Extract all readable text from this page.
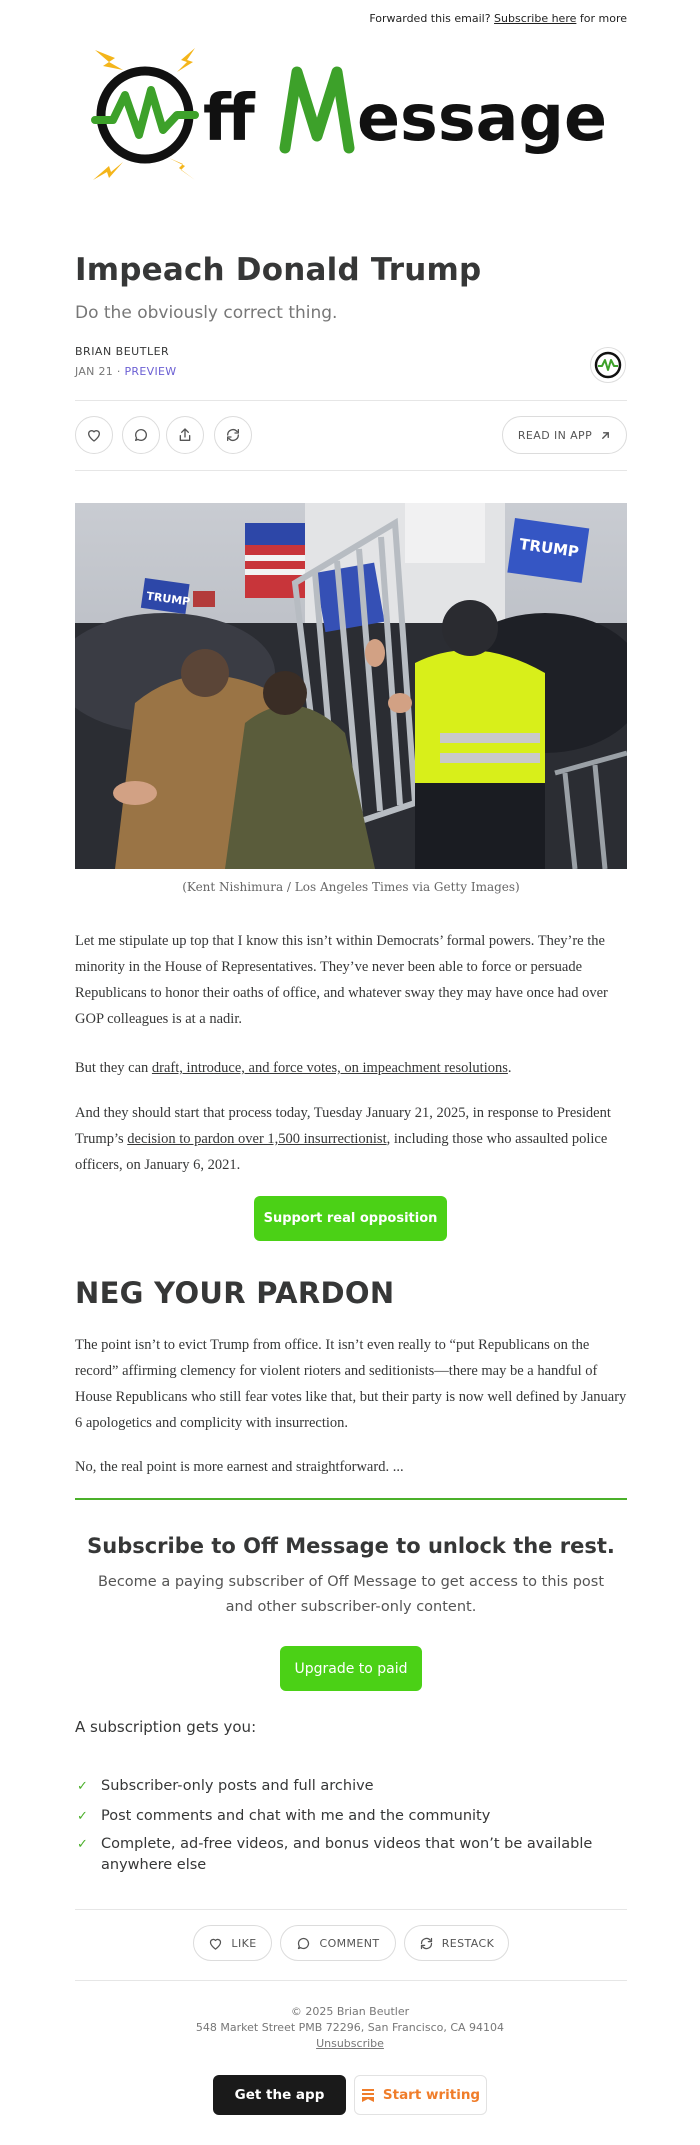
Forwarded this email? Subscribe here for more
ff essage
Impeach Donald Trump
Do the obviously correct thing.
BRIAN BEUTLER
JAN 21 · PREVIEW
READ IN APP
TRUMP
TRUMP
(Kent Nishimura / Los Angeles Times via Getty Images)

Let me stipulate up top that I know this isn’t within Democrats’ formal powers. They’re the minority in the House of Representatives. They’ve never been able to force or persuade Republicans to honor their oaths of office, and whatever sway they may have once had over GOP colleagues is at a nadir.

But they can draft, introduce, and force votes, on impeachment resolutions.

And they should start that process today, Tuesday January 21, 2025, in response to President Trump’s decision to pardon over 1,500 insurrectionist, including those who assaulted police officers, on January 6, 2021.

Support real opposition
NEG YOUR PARDON

The point isn’t to evict Trump from office. It isn’t even really to “put Republicans on the record” affirming clemency for violent rioters and seditionists—there may be a handful of House Republicans who still fear votes like that, but their party is now well defined by January 6 apologetics and complicity with insurrection.

No, the real point is more earnest and straightforward. ...

Subscribe to Off Message to unlock the rest.
Become a paying subscriber of Off Message to get access to this post and other subscriber-only content.
Upgrade to paid
A subscription gets you:
✓ Subscriber-only posts and full archive
✓ Post comments and chat with me and the community
✓ Complete, ad-free videos, and bonus videos that won’t be available anywhere else
LIKE	COMMENT	RESTACK
© 2025 Brian Beutler
548 Market Street PMB 72296, San Francisco, CA 94104
Unsubscribe
Get the app	Start writing
